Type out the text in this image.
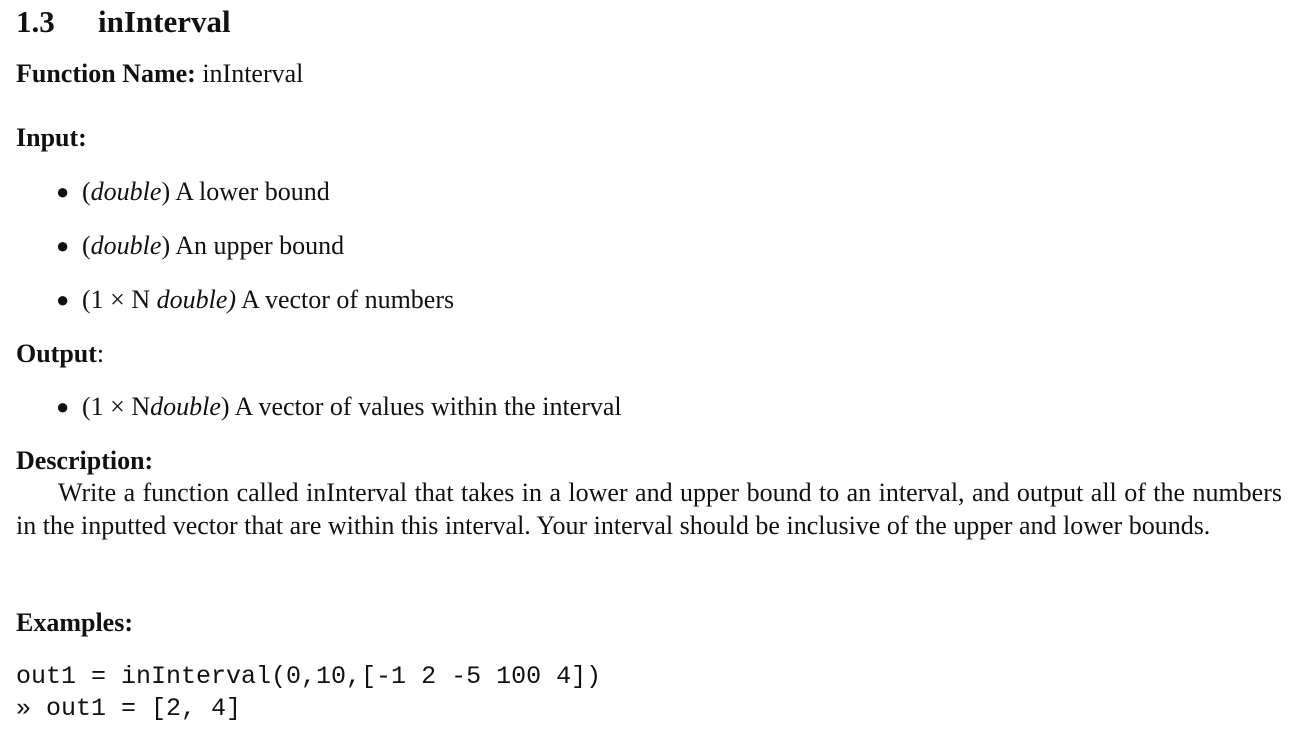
1.3 inInterval
Function Name: inInterval
Input:
● (double) A lower bound
● (double) An upper bound
● (1 × N double) A vector of numbers
Output:
● (1 × Ndouble) A vector of values within the interval
Description:

Write a function called inInterval that takes in a lower and upper bound to an interval, and output all of the numbers in the inputted vector that are within this interval. Your interval should be inclusive of the upper and lower bounds.

Examples:
out1 = inInterval(0,10,[-1 2 -5 100 4])
» out1 = [2, 4]
